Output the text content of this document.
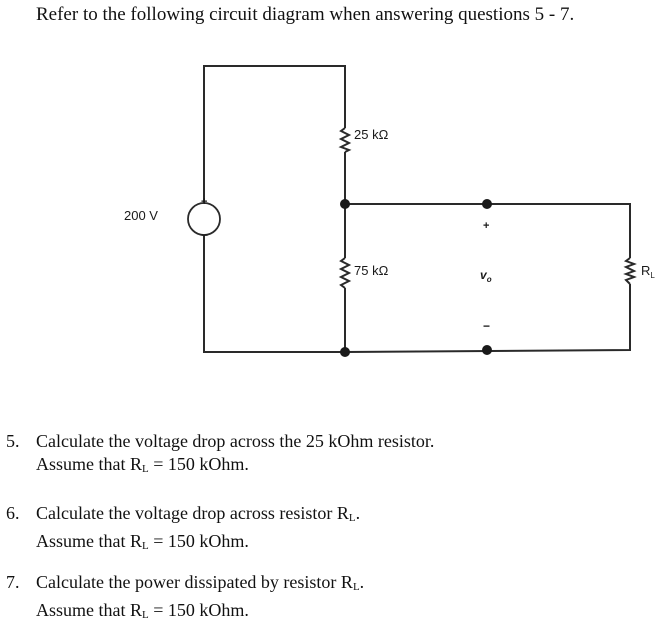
Refer to the following circuit diagram when answering questions 5 - 7.
+
−
200 V
25 kΩ
75 kΩ	$R_L$
+
$v_o$
−
5. Calculate the voltage drop across the 25 kOhm resistor.
Assume that $R_L = 150$ kOhm.
6. Calculate the voltage drop across resistor $R_L$.
Assume that $R_L = 150$ kOhm.
7. Calculate the power dissipated by resistor $R_L$.
Assume that $R_L = 150$ kOhm.
